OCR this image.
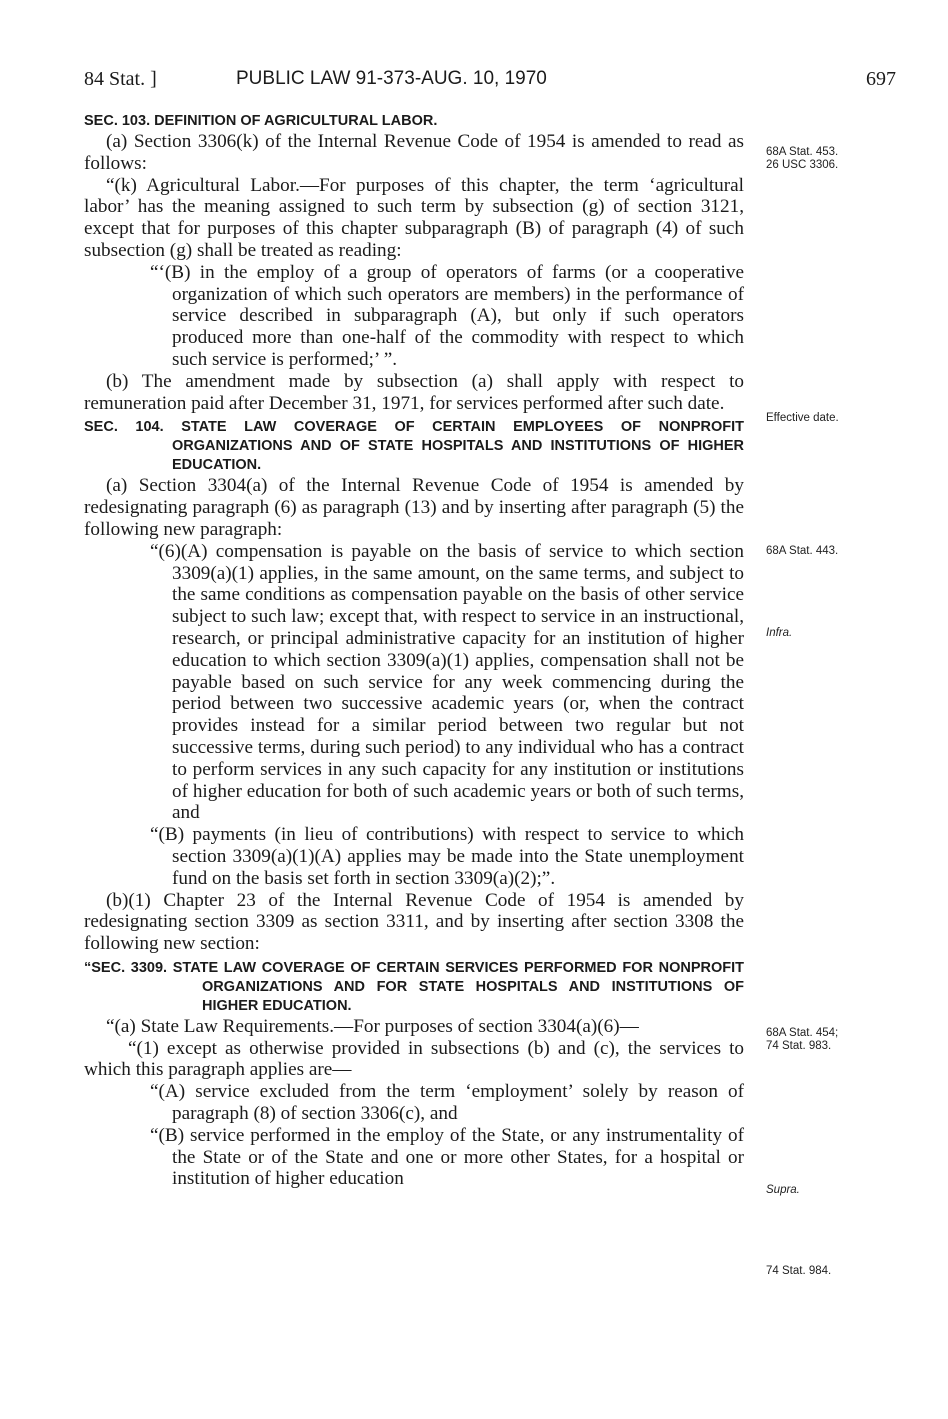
84 Stat. ]	PUBLIC LAW 91-373-AUG. 10, 1970	697

SEC. 103. DEFINITION OF AGRICULTURAL LABOR.

(a) Section 3306(k) of the Internal Revenue Code of 1954 is amended to read as follows:

“(k) Agricultural Labor.—For purposes of this chapter, the term ‘agricultural labor’ has the meaning assigned to such term by subsection (g) of section 3121, except that for purposes of this chapter subparagraph (B) of paragraph (4) of such subsection (g) shall be treated as reading:

“‘(B) in the employ of a group of operators of farms (or a cooperative organization of which such operators are members) in the performance of service described in subparagraph (A), but only if such operators produced more than one-half of the commodity with respect to which such service is performed;’ ”.

(b) The amendment made by subsection (a) shall apply with respect to remuneration paid after December 31, 1971, for services performed after such date.

SEC. 104. STATE LAW COVERAGE OF CERTAIN EMPLOYEES OF NONPROFIT ORGANIZATIONS AND OF STATE HOSPITALS AND INSTITUTIONS OF HIGHER EDUCATION.

(a) Section 3304(a) of the Internal Revenue Code of 1954 is amended by redesignating paragraph (6) as paragraph (13) and by inserting after paragraph (5) the following new paragraph:

“(6)(A) compensation is payable on the basis of service to which section 3309(a)(1) applies, in the same amount, on the same terms, and subject to the same conditions as compensation payable on the basis of other service subject to such law; except that, with respect to service in an instructional, research, or principal administrative capacity for an institution of higher education to which section 3309(a)(1) applies, compensation shall not be payable based on such service for any week commencing during the period between two successive academic years (or, when the contract provides instead for a similar period between two regular but not successive terms, during such period) to any individual who has a contract to perform services in any such capacity for any institution or institutions of higher education for both of such academic years or both of such terms, and

“(B) payments (in lieu of contributions) with respect to service to which section 3309(a)(1)(A) applies may be made into the State unemployment fund on the basis set forth in section 3309(a)(2);”.

(b)(1) Chapter 23 of the Internal Revenue Code of 1954 is amended by redesignating section 3309 as section 3311, and by inserting after section 3308 the following new section:

“SEC. 3309. STATE LAW COVERAGE OF CERTAIN SERVICES PERFORMED FOR NONPROFIT ORGANIZATIONS AND FOR STATE HOSPITALS AND INSTITUTIONS OF HIGHER EDUCATION.

“(a) State Law Requirements.—For purposes of section 3304(a)(6)—

“(1) except as otherwise provided in subsections (b) and (c), the services to which this paragraph applies are—

“(A) service excluded from the term ‘employment’ solely by reason of paragraph (8) of section 3306(c), and

“(B) service performed in the employ of the State, or any instrumentality of the State or of the State and one or more other States, for a hospital or institution of higher education

68A Stat. 453.
26 USC 3306.
Effective date.
68A Stat. 443.
Infra.
68A Stat. 454;
74 Stat. 983.
Supra.
74 Stat. 984.
